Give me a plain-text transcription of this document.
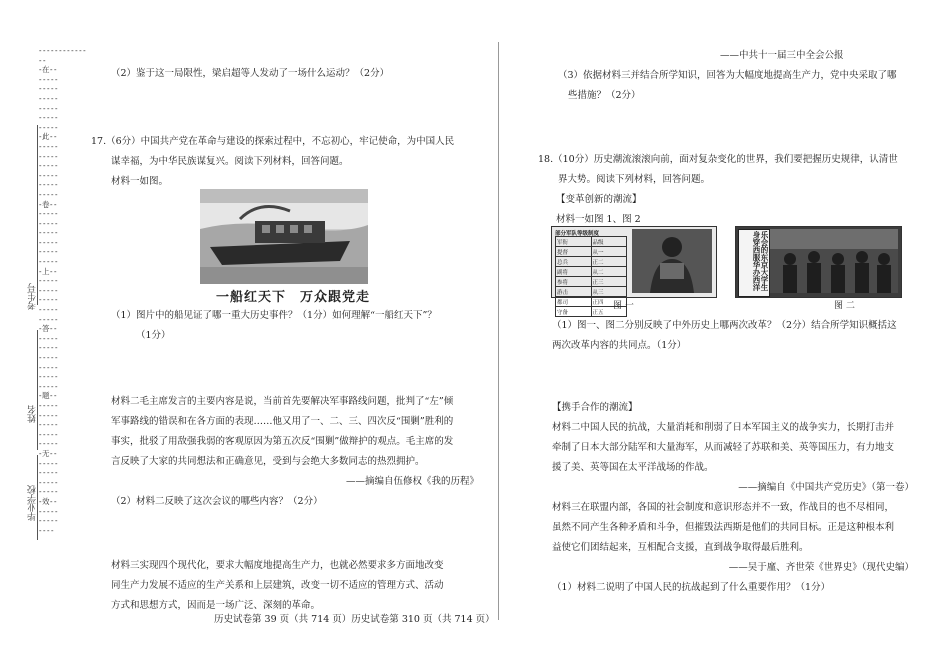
------------
--
-在--
-----
-----
-----
-----
-----
-----
-此--
-----
-----
-----
-----
-----
-----
-卷--
-----
-----
-----
-----
-----
-----
-上--
-----
-----
-----
-----
-----
-答--
-----
-----
-----
-----
-----
-----
-题--
-----
-----
-----
-----
-----
-无--
-----
-----
-----
-----
-效--
-----
-----
----
考生号
姓名
毕业学校

（2）鉴于这一局限性，梁启超等人发动了一场什么运动？（2分）

17.（6分）中国共产党在革命与建设的探索过程中，不忘初心，牢记使命，为中国人民

谋幸福，为中华民族谋复兴。阅读下列材料，回答问题。

材料一如图。

一船红天下　万众跟党走

（1）图片中的船见证了哪一重大历史事件？（1分）如何理解“一船红天下”？

（1分）

材料二毛主席发言的主要内容是说，当前首先要解决军事路线问题，批判了“左”倾

军事路线的错误和在各方面的表现……他又用了一、二、三、四次反“围剿”胜利的

事实，批驳了用敌强我弱的客观原因为第五次反“围剿”做辩护的观点。毛主席的发

言反映了大家的共同想法和正确意见，受到与会绝大多数同志的热烈拥护。

——摘编自伍修权《我的历程》

（2）材料二反映了这次会议的哪些内容？（2分）

材料三实现四个现代化，要求大幅度地提高生产力，也就必然要求多方面地改变

同生产力发展不适应的生产关系和上层建筑，改变一切不适应的管理方式、活动

方式和思想方式，因而是一场广泛、深刻的革命。

——中共十一届三中全会公报

（3）依据材料三并结合所学知识，回答为大幅度地提高生产力，党中央采取了哪

些措施？（2分）

18.（10分）历史潮流滚滚向前，面对复杂变化的世界，我们要把握历史规律，认清世

界大势。阅读下列材料，回答问题。

【变革创新的潮流】

材料一如图 1、图 2

部分军队等级制度
军衔	品级
提督	从一
总兵	正二
副将	从二
参将	正三
游击	从三
都司	正四
守备	正五
图 一
乐会的东京大学生身穿西服华办西洋
图 二

（1）图一、图二分别反映了中外历史上哪两次改革？（2分）结合所学知识概括这

两次改革内容的共同点。（1分）

【携手合作的潮流】

材料二中国人民的抗战，大量消耗和削弱了日本军国主义的战争实力，长期打击并

牵制了日本大部分陆军和大量海军，从而减轻了苏联和美、英等国压力，有力地支

援了美、英等国在太平洋战场的作战。

——摘编自《中国共产党历史》（第一卷）

材料三在联盟内部，各国的社会制度和意识形态并不一致，作战目的也不尽相同，

虽然不同产生各种矛盾和斗争，但摧毁法西斯是他们的共同目标。正是这种根本利

益使它们团结起来，互相配合支援，直到战争取得最后胜利。

——吴于廑、齐世荣《世界史》（现代史编）

（1）材料二说明了中国人民的抗战起到了什么重要作用？（1分）

历史试卷第 39 页（共 714 页）历史试卷第 310 页（共 714 页）
